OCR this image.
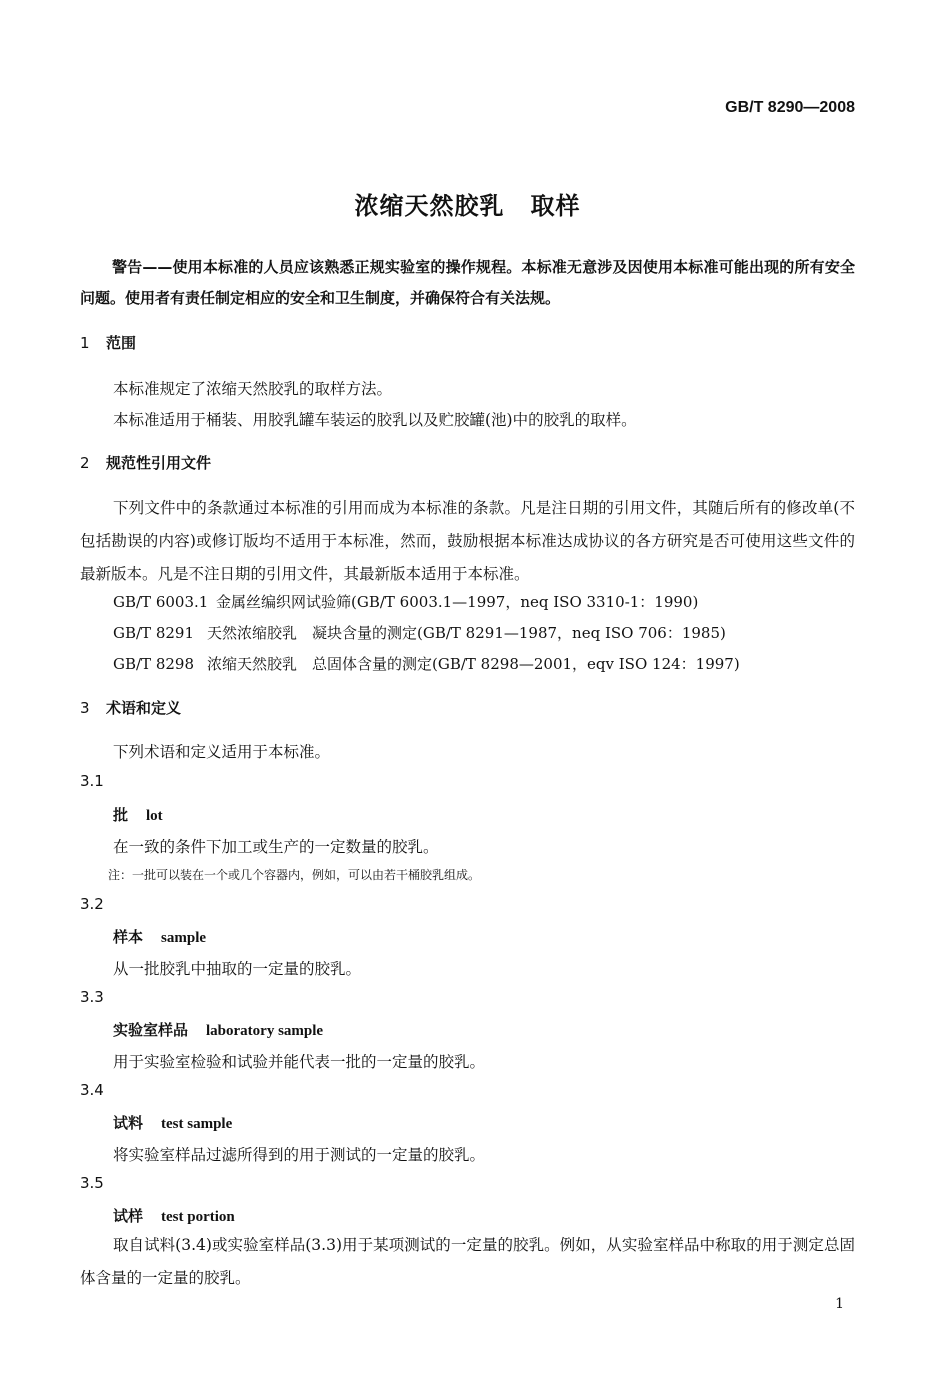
GB/T 8290—2008
浓缩天然胶乳 取样
警告——使用本标准的人员应该熟悉正规实验室的操作规程。本标准无意涉及因使用本标准可能出现的所有安全问题。使用者有责任制定相应的安全和卫生制度，并确保符合有关法规。
1 范围
本标准规定了浓缩天然胶乳的取样方法。
本标准适用于桶装、用胶乳罐车装运的胶乳以及贮胶罐(池)中的胶乳的取样。
2 规范性引用文件
下列文件中的条款通过本标准的引用而成为本标准的条款。凡是注日期的引用文件，其随后所有的修改单(不包括勘误的内容)或修订版均不适用于本标准，然而，鼓励根据本标准达成协议的各方研究是否可使用这些文件的最新版本。凡是不注日期的引用文件，其最新版本适用于本标准。
GB/T 6003.1 金属丝编织网试验筛(GB/T 6003.1—1997，neq ISO 3310-1：1990)
GB/T 8291 天然浓缩胶乳　凝块含量的测定(GB/T 8291—1987，neq ISO 706：1985)
GB/T 8298 浓缩天然胶乳　总固体含量的测定(GB/T 8298—2001，eqv ISO 124：1997)
3 术语和定义
下列术语和定义适用于本标准。
3.1
批 lot
在一致的条件下加工或生产的一定数量的胶乳。
注：一批可以装在一个或几个容器内，例如，可以由若干桶胶乳组成。
3.2
样本 sample
从一批胶乳中抽取的一定量的胶乳。
3.3
实验室样品 laboratory sample
用于实验室检验和试验并能代表一批的一定量的胶乳。
3.4
试料 test sample
将实验室样品过滤所得到的用于测试的一定量的胶乳。
3.5
试样 test portion
取自试料(3.4)或实验室样品(3.3)用于某项测试的一定量的胶乳。例如，从实验室样品中称取的用于测定总固体含量的一定量的胶乳。
1
